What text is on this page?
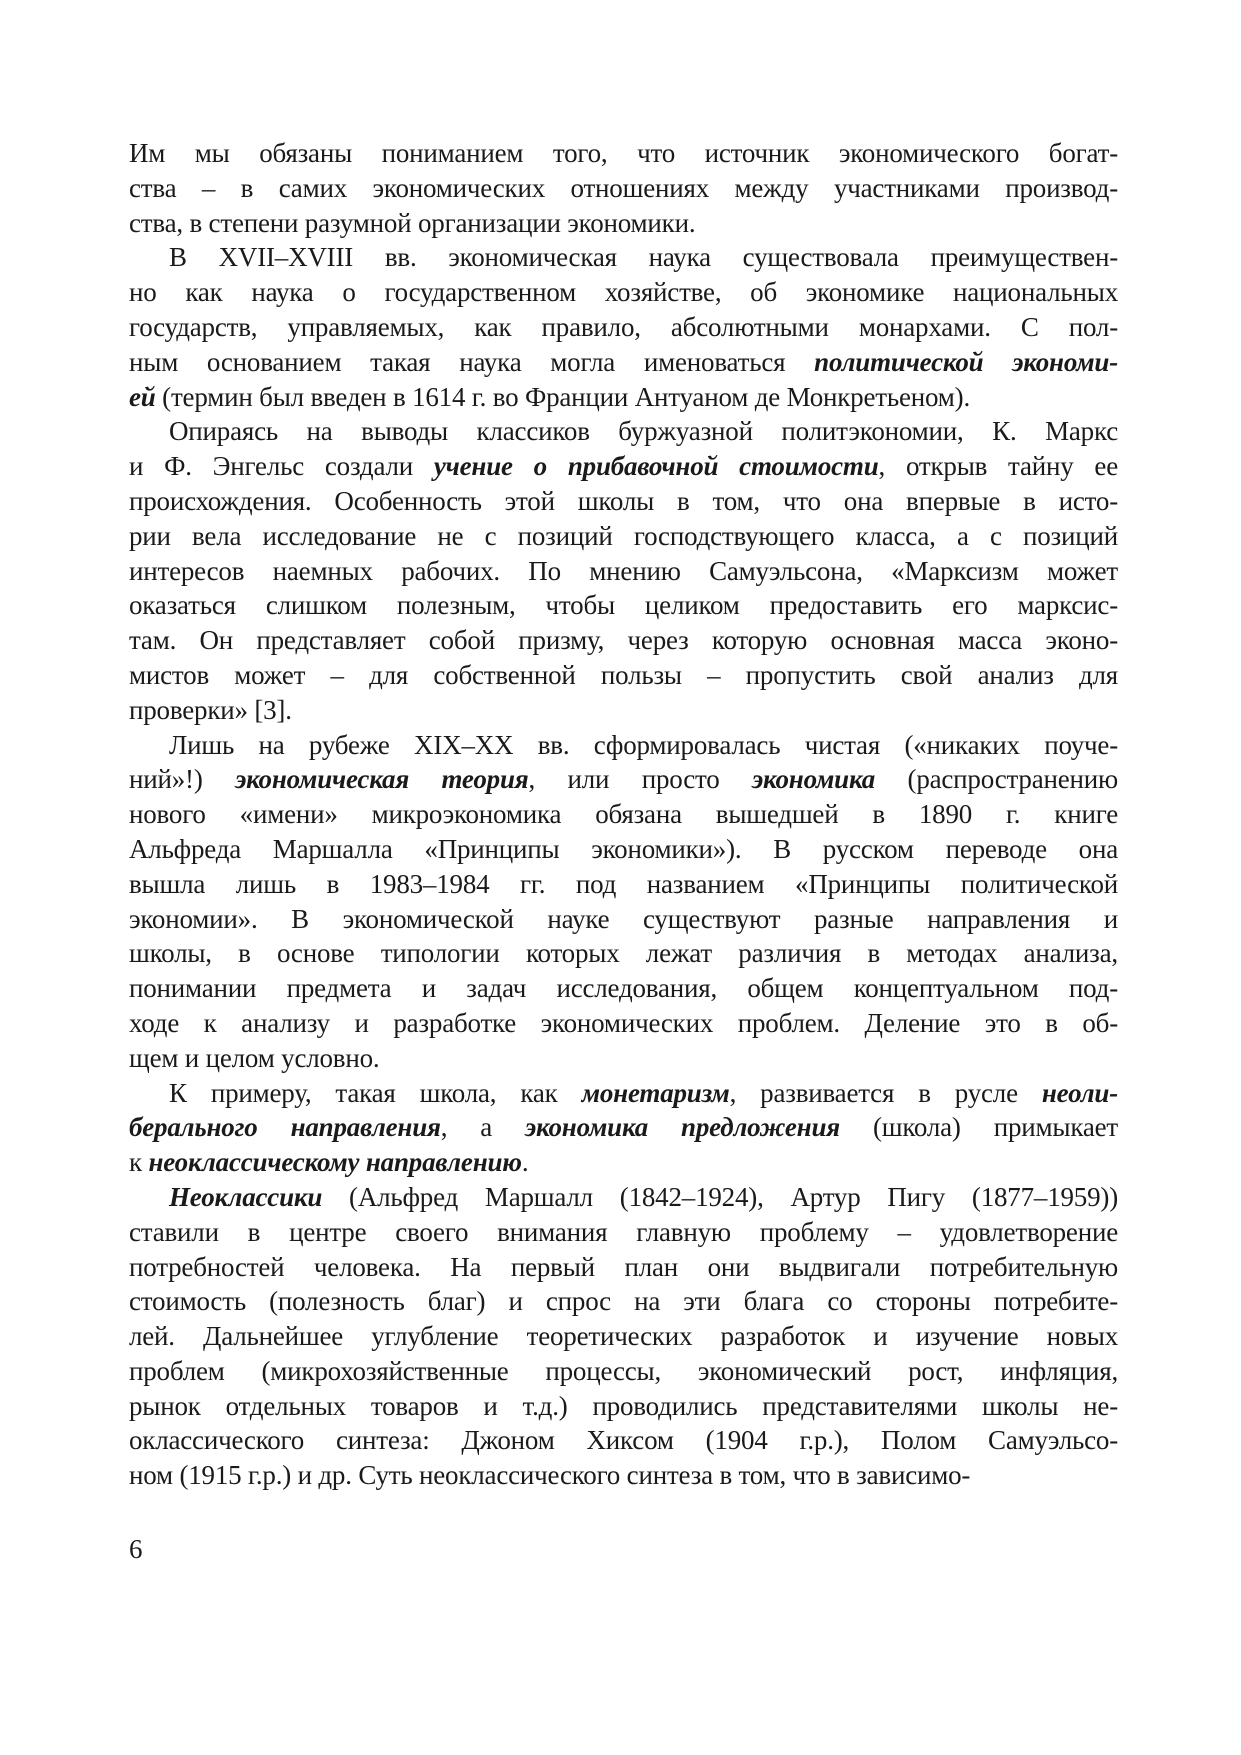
Им мы обязаны пониманием того, что источник экономического богат-
ства – в самих экономических отношениях между участниками производ-
ства, в степени разумной организации экономики.
В XVII–XVIII вв. экономическая наука существовала преимуществен-
но как наука о государственном хозяйстве, об экономике национальных
государств, управляемых, как правило, абсолютными монархами. С пол-
ным основанием такая наука могла именоваться политической экономи-
ей (термин был введен в 1614 г. во Франции Антуаном де Монкретьеном).
Опираясь на выводы классиков буржуазной политэкономии, К. Маркс
и Ф. Энгельс создали учение о прибавочной стоимости, открыв тайну ее
происхождения. Особенность этой школы в том, что она впервые в исто-
рии вела исследование не с позиций господствующего класса, а с позиций
интересов наемных рабочих. По мнению Самуэльсона, «Марксизм может
оказаться слишком полезным, чтобы целиком предоставить его марксис-
там. Он представляет собой призму, через которую основная масса эконо-
мистов может – для собственной пользы – пропустить свой анализ для
проверки» [3].
Лишь на рубеже XIX–XX вв. сформировалась чистая («никаких поуче-
ний»!) экономическая теория, или просто экономика (распространению
нового «имени» микроэкономика обязана вышедшей в 1890 г. книге
Альфреда Маршалла «Принципы экономики»). В русском переводе она
вышла лишь в 1983–1984 гг. под названием «Принципы политической
экономии». В экономической науке существуют разные направления и
школы, в основе типологии которых лежат различия в методах анализа,
понимании предмета и задач исследования, общем концептуальном под-
ходе к анализу и разработке экономических проблем. Деление это в об-
щем и целом условно.
К примеру, такая школа, как монетаризм, развивается в русле неоли-
берального направления, а экономика предложения (школа) примыкает
к неоклассическому направлению.
Неоклассики (Альфред Маршалл (1842–1924), Артур Пигу (1877–1959))
ставили в центре своего внимания главную проблему – удовлетворение
потребностей человека. На первый план они выдвигали потребительную
стоимость (полезность благ) и спрос на эти блага со стороны потребите-
лей. Дальнейшее углубление теоретических разработок и изучение новых
проблем (микрохозяйственные процессы, экономический рост, инфляция,
рынок отдельных товаров и т.д.) проводились представителями школы не-
оклассического синтеза: Джоном Хиксом (1904 г.р.), Полом Самуэльсо-
ном (1915 г.р.) и др. Суть неоклассического синтеза в том, что в зависимо-
6
